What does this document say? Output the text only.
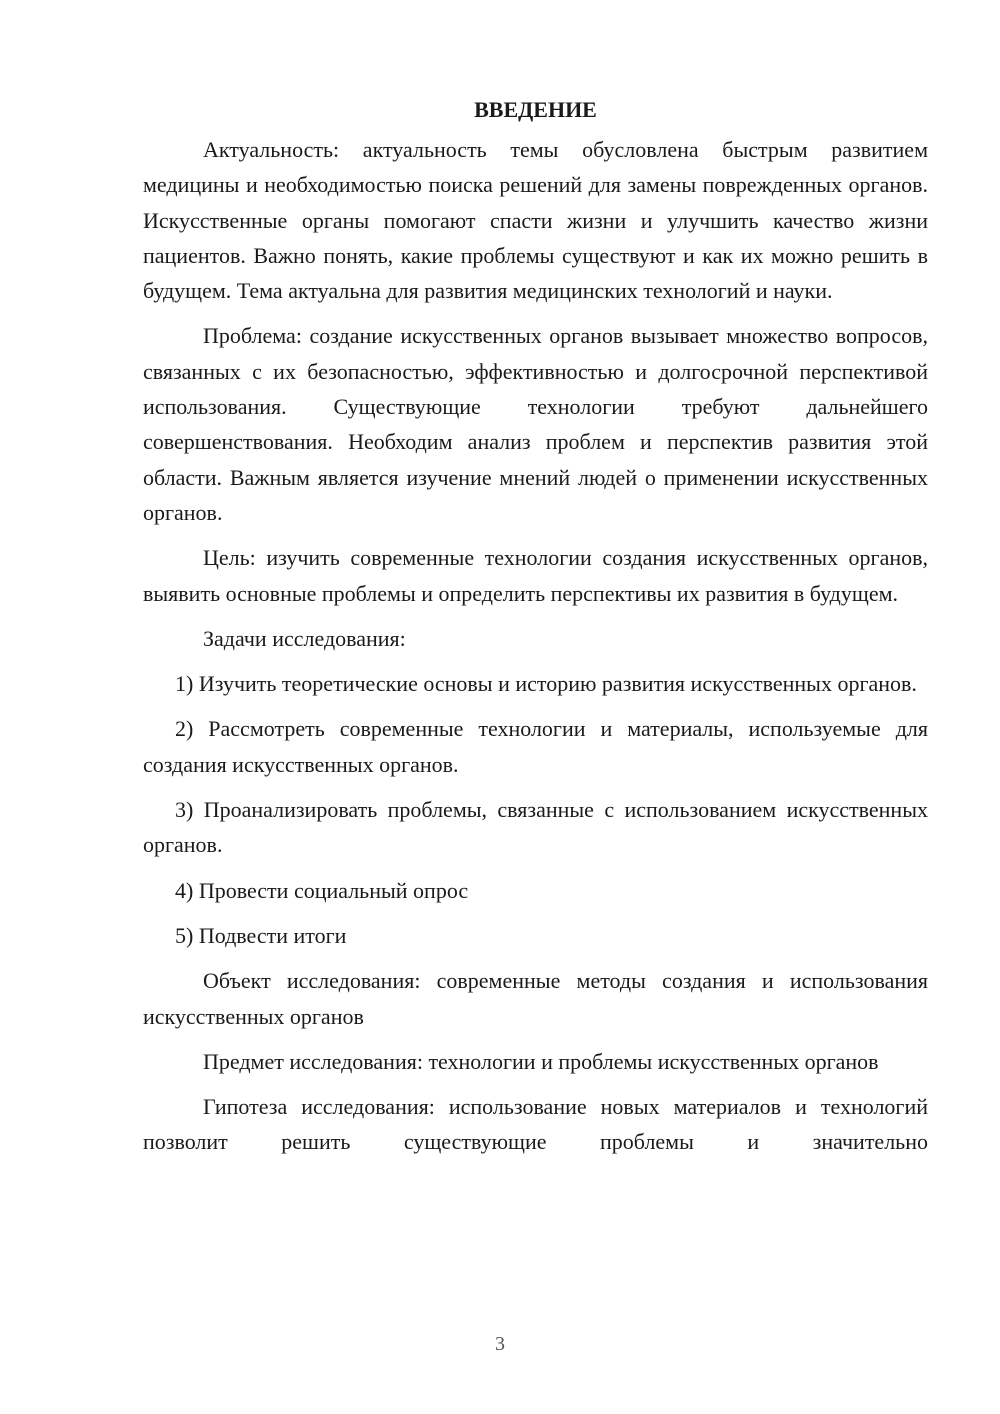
ВВЕДЕНИЕ

Актуальность: актуальность темы обусловлена быстрым развитием медицины и необходимостью поиска решений для замены поврежденных органов. Искусственные органы помогают спасти жизни и улучшить качество жизни пациентов. Важно понять, какие проблемы существуют и как их можно решить в будущем. Тема актуальна для развития медицинских технологий и науки.

Проблема: создание искусственных органов вызывает множество вопросов, связанных с их безопасностью, эффективностью и долгосрочной перспективой использования. Существующие технологии требуют дальнейшего совершенствования. Необходим анализ проблем и перспектив развития этой области. Важным является изучение мнений людей о применении искусственных органов.

Цель: изучить современные технологии создания искусственных органов, выявить основные проблемы и определить перспективы их развития в будущем.

Задачи исследования:

1) Изучить теоретические основы и историю развития искусственных органов.

2) Рассмотреть современные технологии и материалы, используемые для создания искусственных органов.

3) Проанализировать проблемы, связанные с использованием искусственных органов.

4) Провести социальный опрос

5) Подвести итоги

Объект исследования: современные методы создания и использования искусственных органов

Предмет исследования: технологии и проблемы искусственных органов

Гипотеза исследования: использование новых материалов и технологий позволит решить существующие проблемы и значительно

3
